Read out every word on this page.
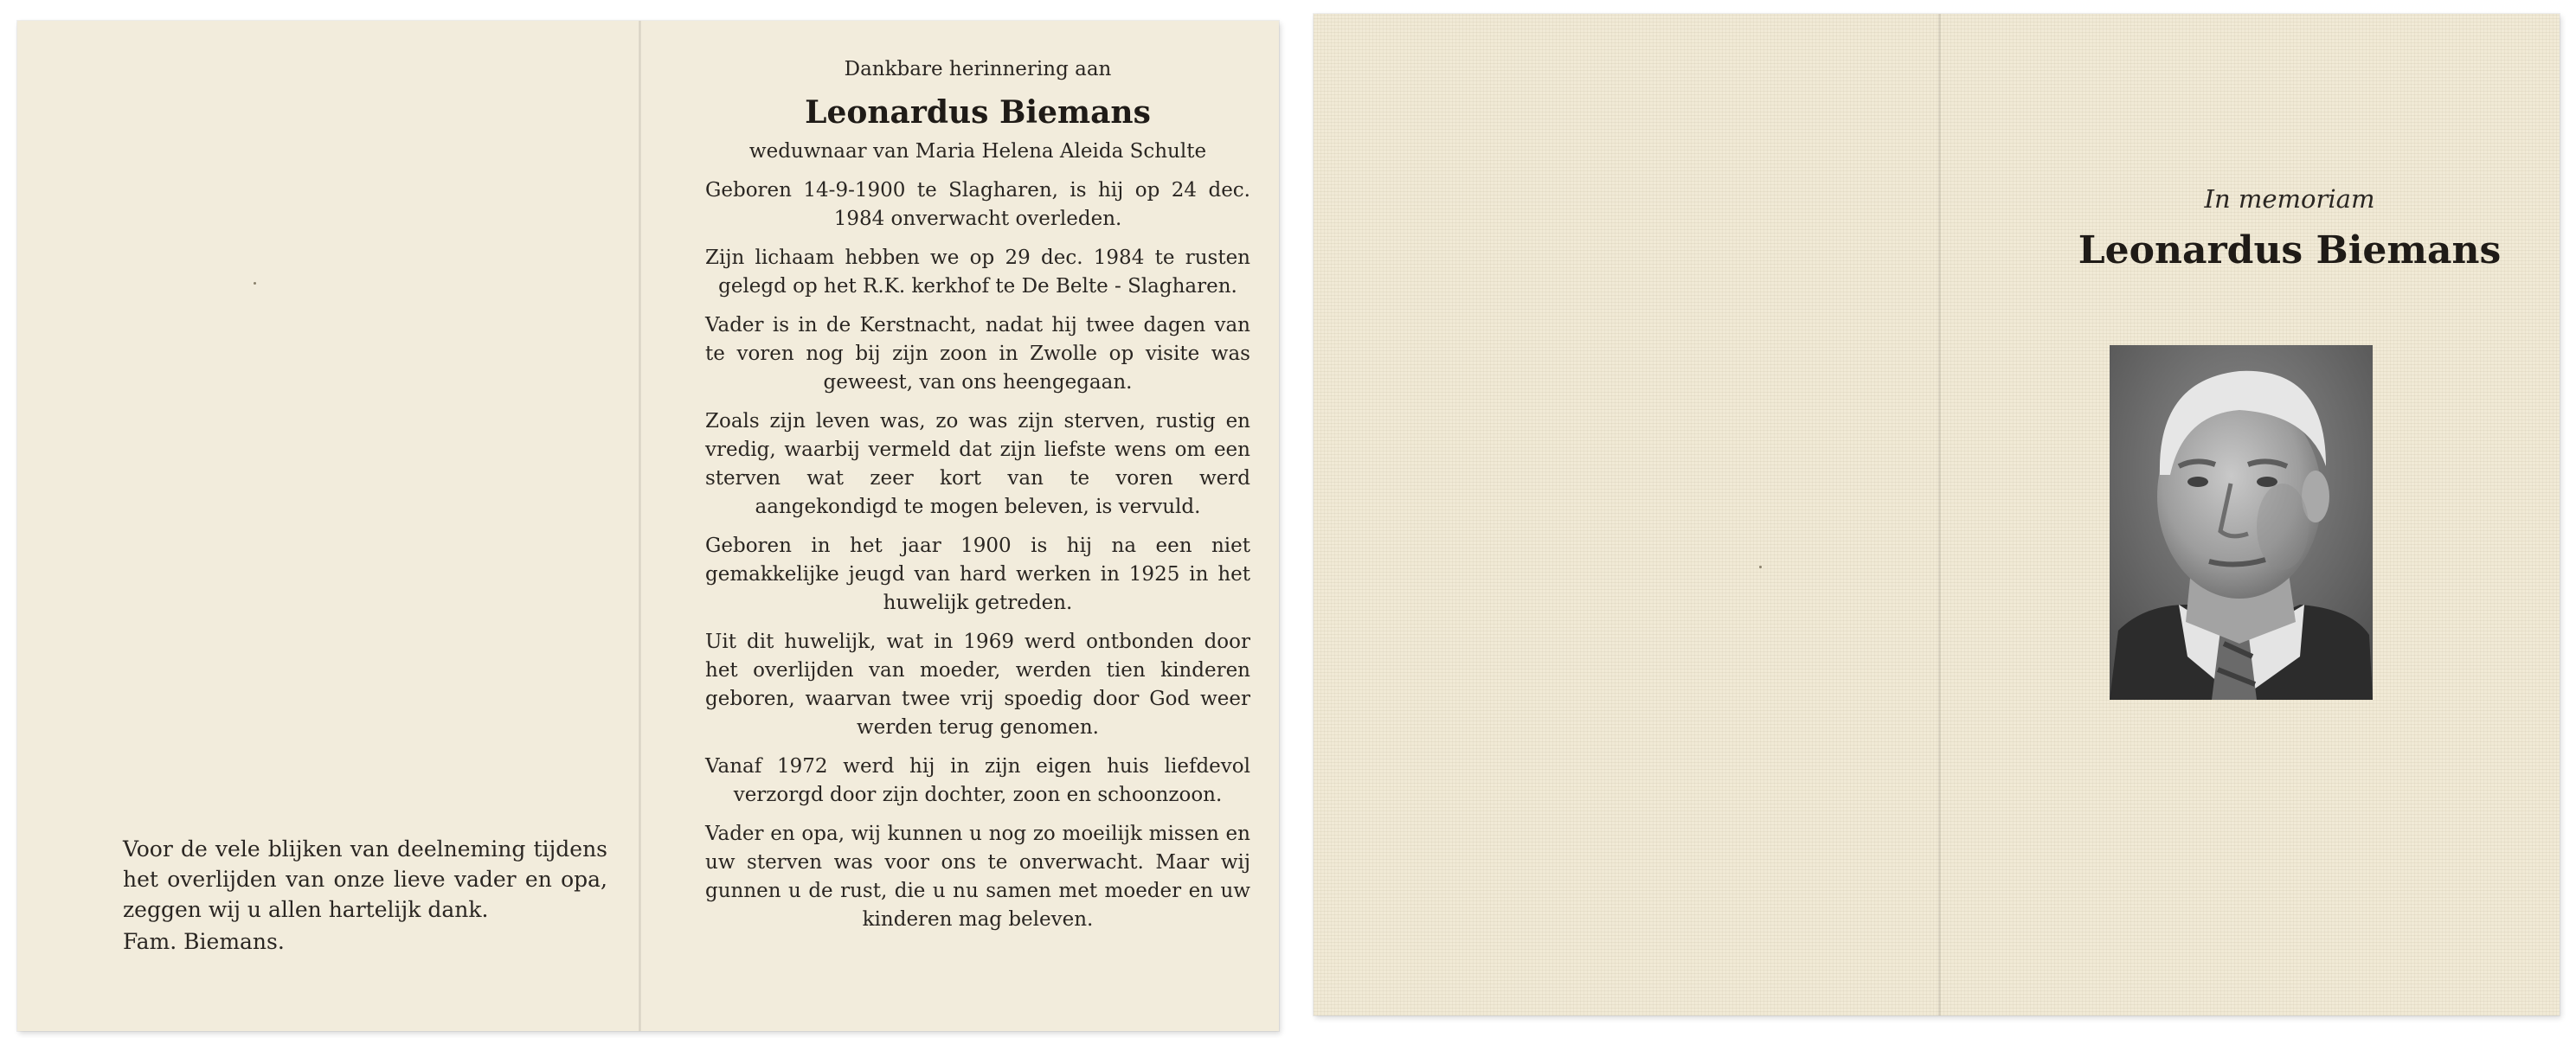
Dankbare herinnering aan

Leonardus Biemans

weduwnaar van Maria Helena Aleida Schulte

Geboren 14-9-1900 te Slagharen, is hij op 24 dec. 1984 onverwacht overleden.

Zijn lichaam hebben we op 29 dec. 1984 te rusten gelegd op het R.K. kerkhof te De Belte - Slagharen.

Vader is in de Kerstnacht, nadat hij twee dagen van te voren nog bij zijn zoon in Zwolle op visite was geweest, van ons heengegaan.

Zoals zijn leven was, zo was zijn sterven, rustig en vredig, waarbij vermeld dat zijn liefste wens om een sterven wat zeer kort van te voren werd aangekondigd te mogen beleven, is vervuld.

Geboren in het jaar 1900 is hij na een niet gemakkelijke jeugd van hard werken in 1925 in het huwelijk getreden.

Uit dit huwelijk, wat in 1969 werd ontbonden door het overlijden van moeder, werden tien kinderen geboren, waarvan twee vrij spoedig door God weer werden terug genomen.

Vanaf 1972 werd hij in zijn eigen huis liefdevol verzorgd door zijn dochter, zoon en schoonzoon.

Vader en opa, wij kunnen u nog zo moeilijk missen en uw sterven was voor ons te onverwacht. Maar wij gunnen u de rust, die u nu samen met moeder en uw kinderen mag beleven.

Voor de vele blijken van deelneming tijdens het overlijden van onze lieve vader en opa, zeggen wij u allen hartelijk dank.
Fam. Biemans.
In memoriam
Leonardus Biemans
